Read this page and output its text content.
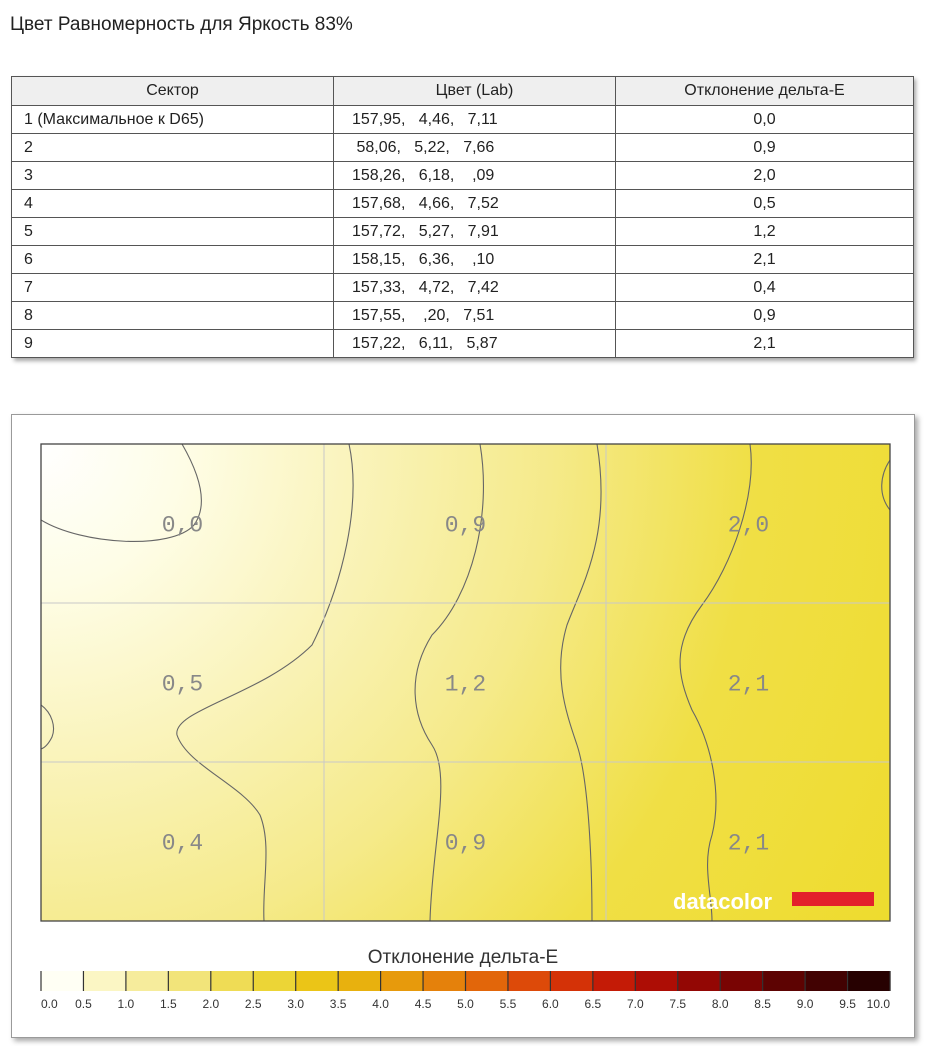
Цвет Равномерность для Яркость 83%
Сектор	Цвет (Lab)	Отклонение дельта-Е
1 (Максимальное к D65)	157,95,   4,46,   7,11	0,0
2	58,06,   5,22,   7,66	0,9
3	158,26,   6,18,    ,09	2,0
4	157,68,   4,66,   7,52	0,5
5	157,72,   5,27,   7,91	1,2
6	158,15,   6,36,    ,10	2,1
7	157,33,   4,72,   7,42	0,4
8	157,55,    ,20,   7,51	0,9
9	157,22,   6,11,   5,87	2,1
0,0	0,9	2,0
0,5	1,2	2,1
0,4	0,9	2,1
datacolor
Отклонение дельта-Е
0.0 0.5 1.0 1.5 2.0 2.5 3.0 3.5 4.0 4.5 5.0 5.5 6.0 6.5 7.0 7.5 8.0 8.5 9.0 9.5 10.0
